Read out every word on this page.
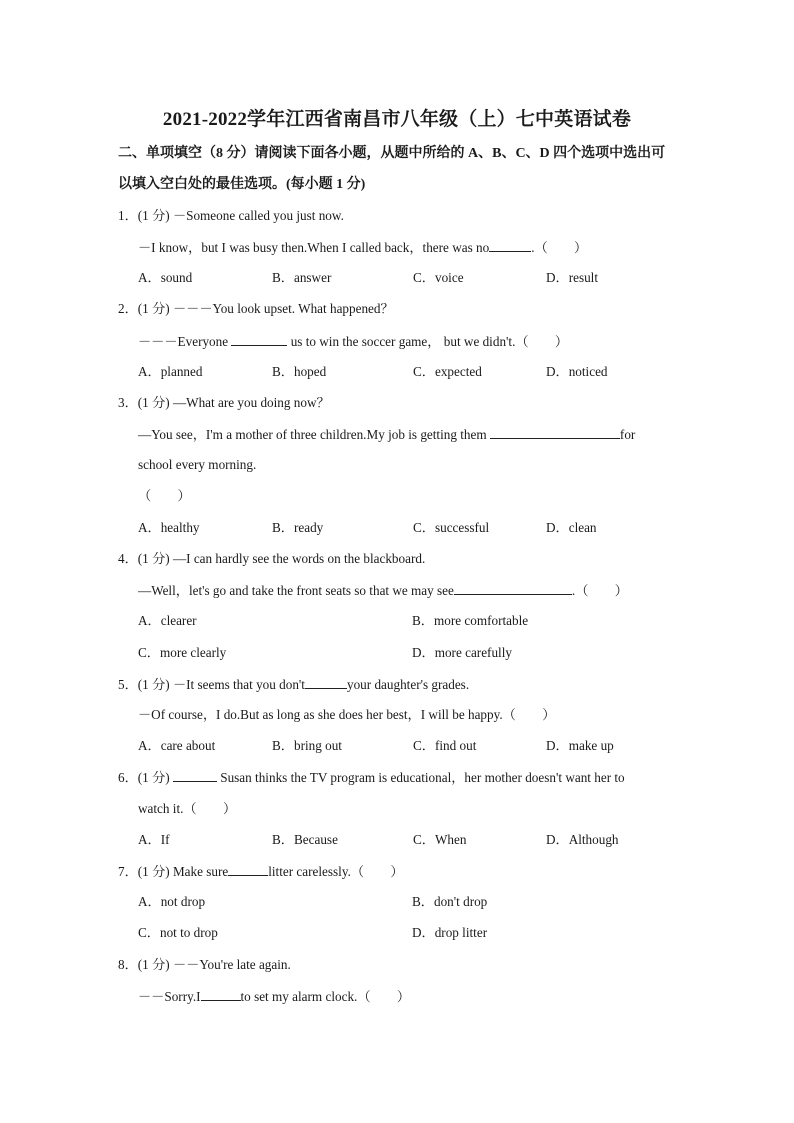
2021-2022学年江西省南昌市八年级（上）七中英语试卷
二、单项填空（8 分）请阅读下面各小题，从题中所给的 A、B、C、D 四个选项中选出可
以填入空白处的最佳选项。(每小题 1 分)
1．(1 分) －Someone called you just now.
－I know，but I was busy then.When I called back，there was no	.（　　）
A．sound	B．answer	C．voice	D．result
2．(1 分) －－－You look upset. What happened？
－－－Everyone	us to win the soccer game， but we didn't.（　　）
A．planned	B．hoped	C．expected	D．noticed
3．(1 分) —What are you doing now？
—You see，I'm a mother of three children.My job is getting them	for
school every morning.
（　　）
A．healthy	B．ready	C．successful	D．clean
4．(1 分) —I can hardly see the words on the blackboard.
—Well，let's go and take the front seats so that we may see	.（　　）
A．clearer	B．more comfortable
C．more clearly	D．more carefully
5．(1 分) －It seems that you don't	your daughter's grades.
－Of course，I do.But as long as she does her best，I will be happy.（　　）
A．care about	B．bring out	C．find out	D．make up
6．(1 分)	Susan thinks the TV program is educational，her mother doesn't want her to
watch it.（　　）
A．If	B．Because	C．When	D．Although
7．(1 分) Make sure	litter carelessly.（　　）
A．not drop	B．don't drop
C．not to drop	D．drop litter
8．(1 分) －－You're late again.
－－Sorry.I	to set my alarm clock.（　　）
